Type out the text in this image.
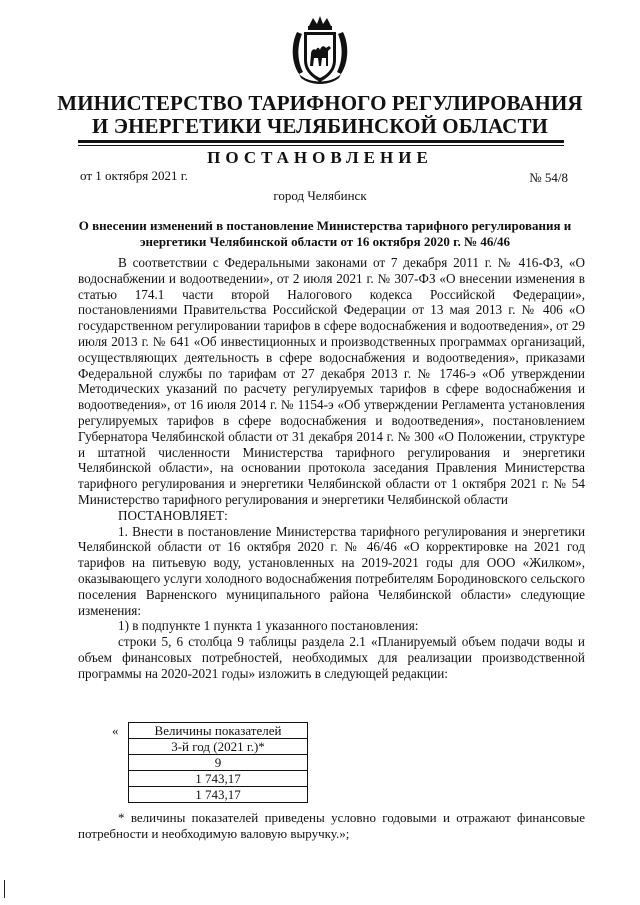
МИНИСТЕРСТВО ТАРИФНОГО РЕГУЛИРОВАНИЯ
И ЭНЕРГЕТИКИ ЧЕЛЯБИНСКОЙ ОБЛАСТИ
ПОСТАНОВЛЕНИЕ
от 1 октября 2021 г.	№ 54/8
город Челябинск
О внесении изменений в постановление Министерства тарифного регулирования и энергетики Челябинской области от 16 октября 2020 г. № 46/46

В соответствии с Федеральными законами от 7 декабря 2011 г. № 416-ФЗ, «О водоснабжении и водоотведении», от 2 июля 2021 г. № 307-ФЗ «О внесении изменения в статью 174.1 части второй Налогового кодекса Российской Федерации», постановлениями Правительства Российской Федерации от 13 мая 2013 г. № 406 «О государственном регулировании тарифов в сфере водоснабжения и водоотведения», от 29 июля 2013 г. № 641 «Об инвестиционных и производственных программах организаций, осуществляющих деятельность в сфере водоснабжения и водоотведения», приказами Федеральной службы по тарифам от 27 декабря 2013 г. № 1746-э «Об утверждении Методических указаний по расчету регулируемых тарифов в сфере водоснабжения и водоотведения», от 16 июля 2014 г. № 1154-э «Об утверждении Регламента установления регулируемых тарифов в сфере водоснабжения и водоотведения», постановлением Губернатора Челябинской области от 31 декабря 2014 г. № 300 «О Положении, структуре и штатной численности Министерства тарифного регулирования и энергетики Челябинской области», на основании протокола заседания Правления Министерства тарифного регулирования и энергетики Челябинской области от 1 октября 2021 г. № 54 Министерство тарифного регулирования и энергетики Челябинской области

ПОСТАНОВЛЯЕТ:

1. Внести в постановление Министерства тарифного регулирования и энергетики Челябинской области от 16 октября 2020 г. № 46/46 «О корректировке на 2021 год тарифов на питьевую воду, установленных на 2019-2021 годы для ООО «Жилком», оказывающего услуги холодного водоснабжения потребителям Бородиновского сельского поселения Варненского муниципального района Челябинской области» следующие изменения:

1) в подпункте 1 пункта 1 указанного постановления:

строки 5, 6 столбца 9 таблицы раздела 2.1 «Планируемый объем подачи воды и объем финансовых потребностей, необходимых для реализации производственной программы на 2020-2021 годы» изложить в следующей редакции:

«	Величины показателей
3-й год (2021 г.)*
9
1 743,17
1 743,17

* величины показателей приведены условно годовыми и отражают финансовые потребности и необходимую валовую выручку.»;
